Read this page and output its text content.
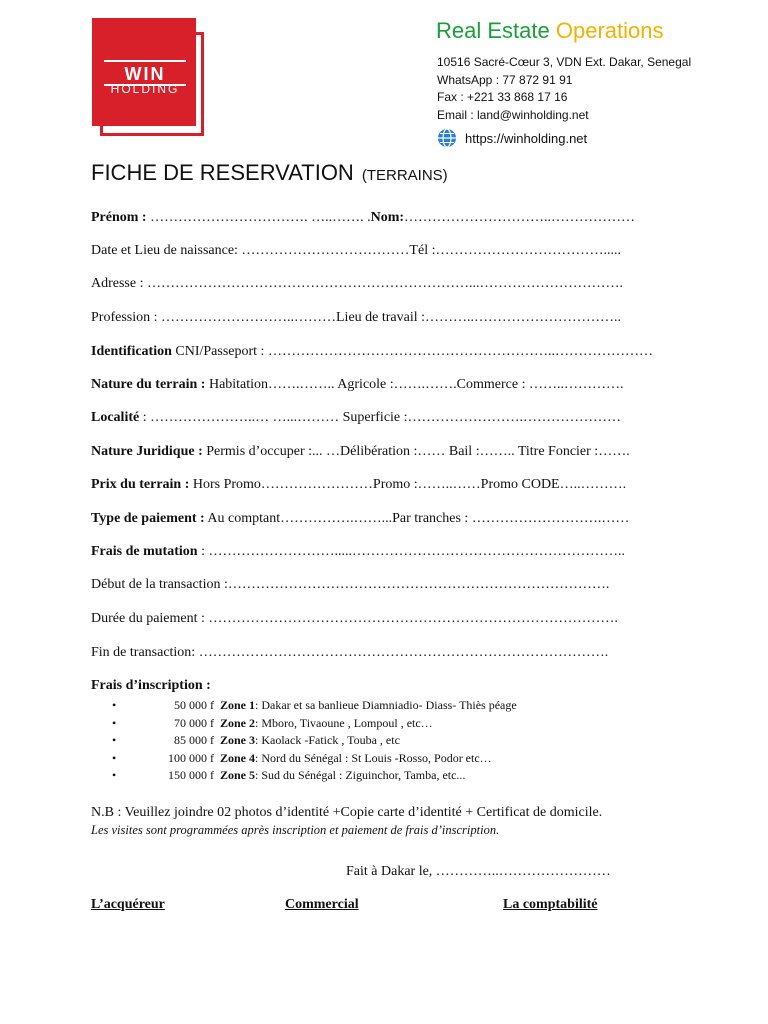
WIN
HOLDING
Real Estate Operations
10516 Sacré-Cœur 3, VDN Ext. Dakar, Senegal
WhatsApp : 77 872 91 91
Fax : +221 33 868 17 16
Email : land@winholding.net
https://winholding.net
FICHE DE RESERVATION (TERRAINS)
Prénom : ……………………………. …..……. .Nom:…………………………..………………
Date et Lieu de naissance: ………………………………Tél :……………………………….....
Adresse : ……………………………………………………………...………………………….
Profession : ………………………..………Lieu de travail :………..…………………………..
Identification CNI/Passeport : ……………………………………………………..…………………
Nature du terrain : Habitation…….…….. Agricole :…….…….Commerce : ……..………….
Localité : …………………..… …...……… Superficie :…………………….…………………
Nature Juridique : Permis d’occuper :... …Délibération :…… Bail :…….. Titre Foncier :…….
Prix du terrain : Hors Promo……………………Promo :……..……Promo CODE…..……….
Type de paiement : Au comptant…………….……...Par tranches : ……………………….……
Frais de mutation : ……………………….....…………………………………………………..
Début de la transaction :……………………………………………………………………….
Durée du paiement : …………………………………………………………………………….
Fin de transaction: …………………………………………………………………………….
Frais d’inscription :
•	50 000 f Zone 1 : Dakar et sa banlieue Diamniadio- Diass- Thiès péage
•	70 000 f Zone 2 : Mboro, Tivaoune , Lompoul , etc…
•	85 000 f Zone 3 : Kaolack -Fatick , Touba , etc
•	100 000 f Zone 4 : Nord du Sénégal : St Louis -Rosso, Podor etc…
•	150 000 f Zone 5 : Sud du Sénégal : Ziguinchor, Tamba, etc...
N.B : Veuillez joindre 02 photos d’identité +Copie carte d’identité + Certificat de domicile.
Les visites sont programmées après inscription et paiement de frais d’inscription.
Fait à Dakar le, …………..……………………
L’acquéreur	Commercial	La comptabilité
